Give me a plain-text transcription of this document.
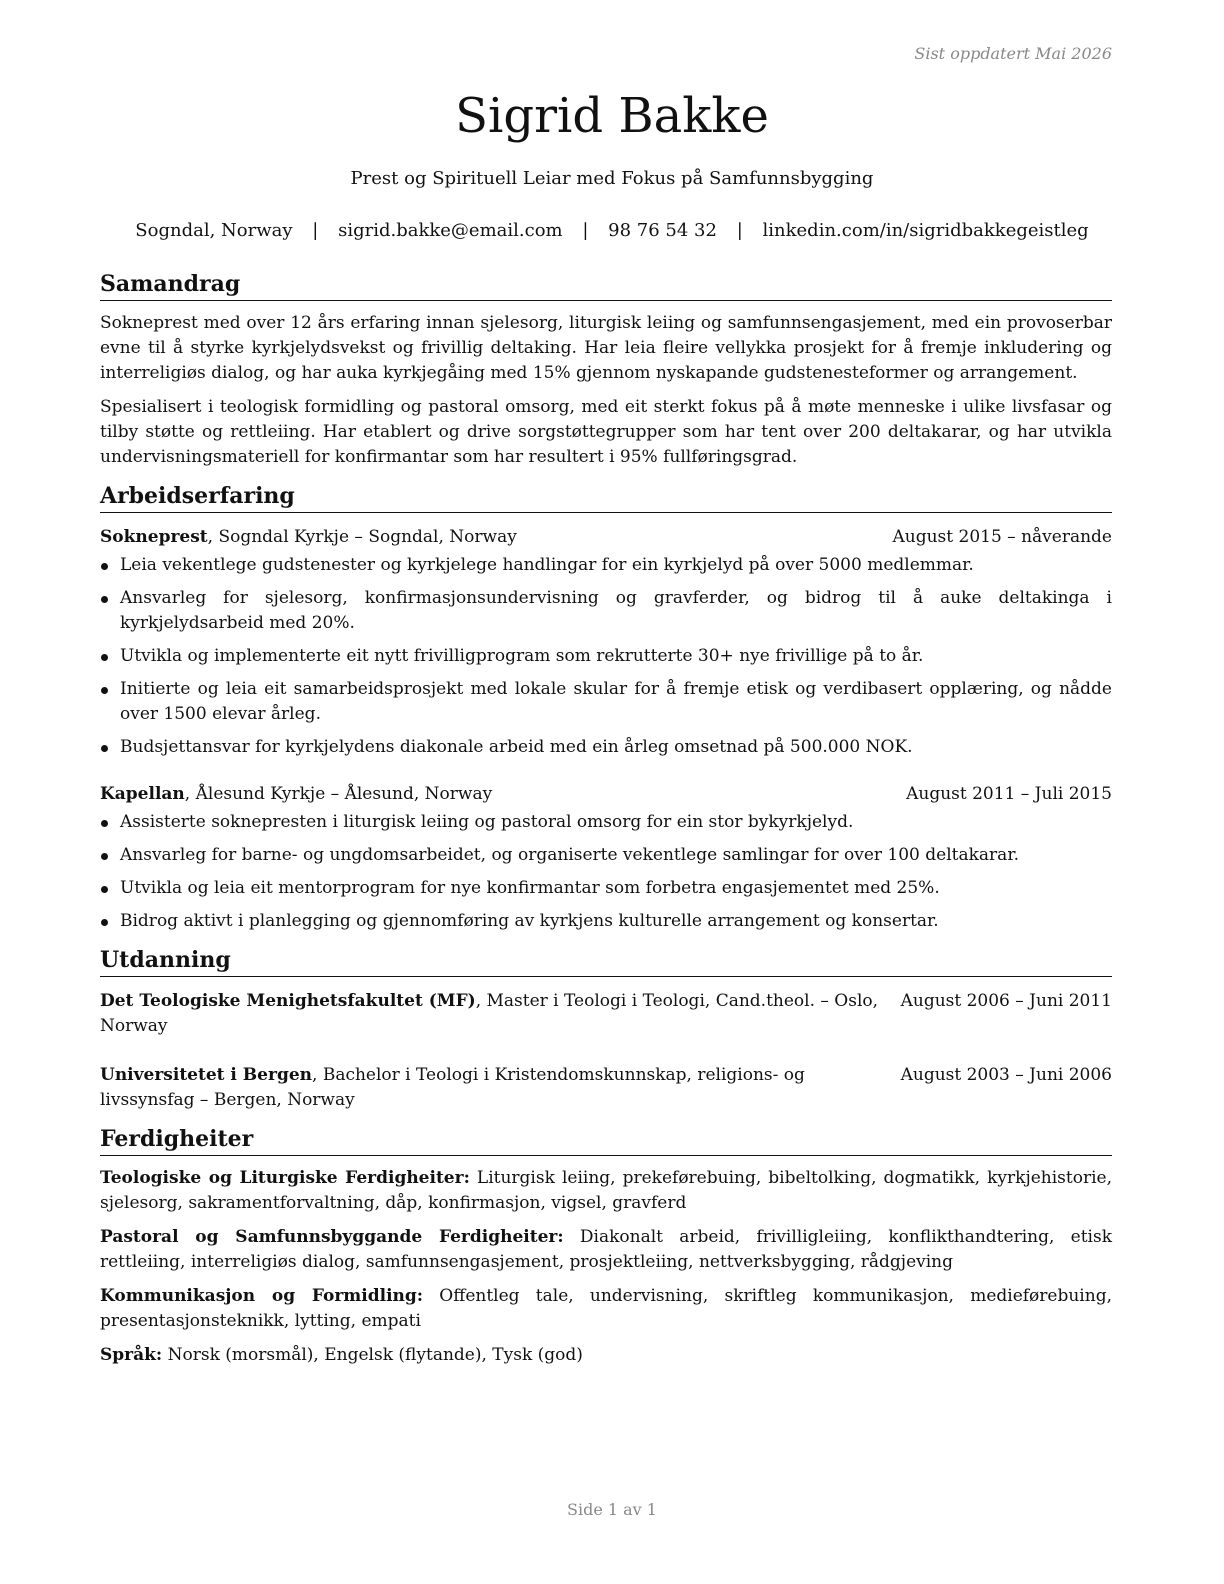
Sist oppdatert Mai 2026
Sigrid Bakke
Prest og Spirituell Leiar med Fokus på Samfunnsbygging
Sogndal, Norway | sigrid.bakke@email.com | 98 76 54 32 | linkedin.com/in/sigridbakkegeistleg
Samandrag

Sokneprest med over 12 års erfaring innan sjelesorg, liturgisk leiing og samfunnsengasjement, med ein provoserbar evne til å styrke kyrkjelydsvekst og frivillig deltaking. Har leia fleire vellykka prosjekt for å fremje inkludering og interreligiøs dialog, og har auka kyrkjegåing med 15% gjennom nyskapande gudstenesteformer og arrangement.

Spesialisert i teologisk formidling og pastoral omsorg, med eit sterkt fokus på å møte menneske i ulike livsfasar og tilby støtte og rettleiing. Har etablert og drive sorgstøttegrupper som har tent over 200 deltakarar, og har utvikla undervisningsmateriell for konfirmantar som har resultert i 95% fullføringsgrad.

Arbeidserfaring
Sokneprest, Sogndal Kyrkje – Sogndal, Norway	August 2015 – nåverande
Leia vekentlege gudstenester og kyrkjelege handlingar for ein kyrkjelyd på over 5000 medlemmar.
Ansvarleg for sjelesorg, konfirmasjonsundervisning og gravferder, og bidrog til å auke deltakinga i kyrkjelydsarbeid med 20%.
Utvikla og implementerte eit nytt frivilligprogram som rekrutterte 30+ nye frivillige på to år.
Initierte og leia eit samarbeidsprosjekt med lokale skular for å fremje etisk og verdibasert opplæring, og nådde over 1500 elevar årleg.
Budsjettansvar for kyrkjelydens diakonale arbeid med ein årleg omsetnad på 500.000 NOK.
Kapellan, Ålesund Kyrkje – Ålesund, Norway	August 2011 – Juli 2015
Assisterte soknepresten i liturgisk leiing og pastoral omsorg for ein stor bykyrkjelyd.
Ansvarleg for barne- og ungdomsarbeidet, og organiserte vekentlege samlingar for over 100 deltakarar.
Utvikla og leia eit mentorprogram for nye konfirmantar som forbetra engasjementet med 25%.
Bidrog aktivt i planlegging og gjennomføring av kyrkjens kulturelle arrangement og konsertar.
Utdanning
Det Teologiske Menighetsfakultet (MF), Master i Teologi i Teologi, Cand.theol. – Oslo, Norway
August 2006 – Juni 2011
Universitetet i Bergen, Bachelor i Teologi i Kristendomskunnskap, religions- og livssynsfag – Bergen, Norway
August 2003 – Juni 2006
Ferdigheiter

Teologiske og Liturgiske Ferdigheiter: Liturgisk leiing, prekeførebuing, bibeltolking, dogmatikk, kyrkjehistorie, sjelesorg, sakramentforvaltning, dåp, konfirmasjon, vigsel, gravferd

Pastoral og Samfunnsbyggande Ferdigheiter: Diakonalt arbeid, frivilligleiing, konflikthandtering, etisk rettleiing, interreligiøs dialog, samfunnsengasjement, prosjektleiing, nettverksbygging, rådgjeving

Kommunikasjon og Formidling: Offentleg tale, undervisning, skriftleg kommunikasjon, medieførebuing, presentasjonsteknikk, lytting, empati

Språk: Norsk (morsmål), Engelsk (flytande), Tysk (god)

Side 1 av 1
